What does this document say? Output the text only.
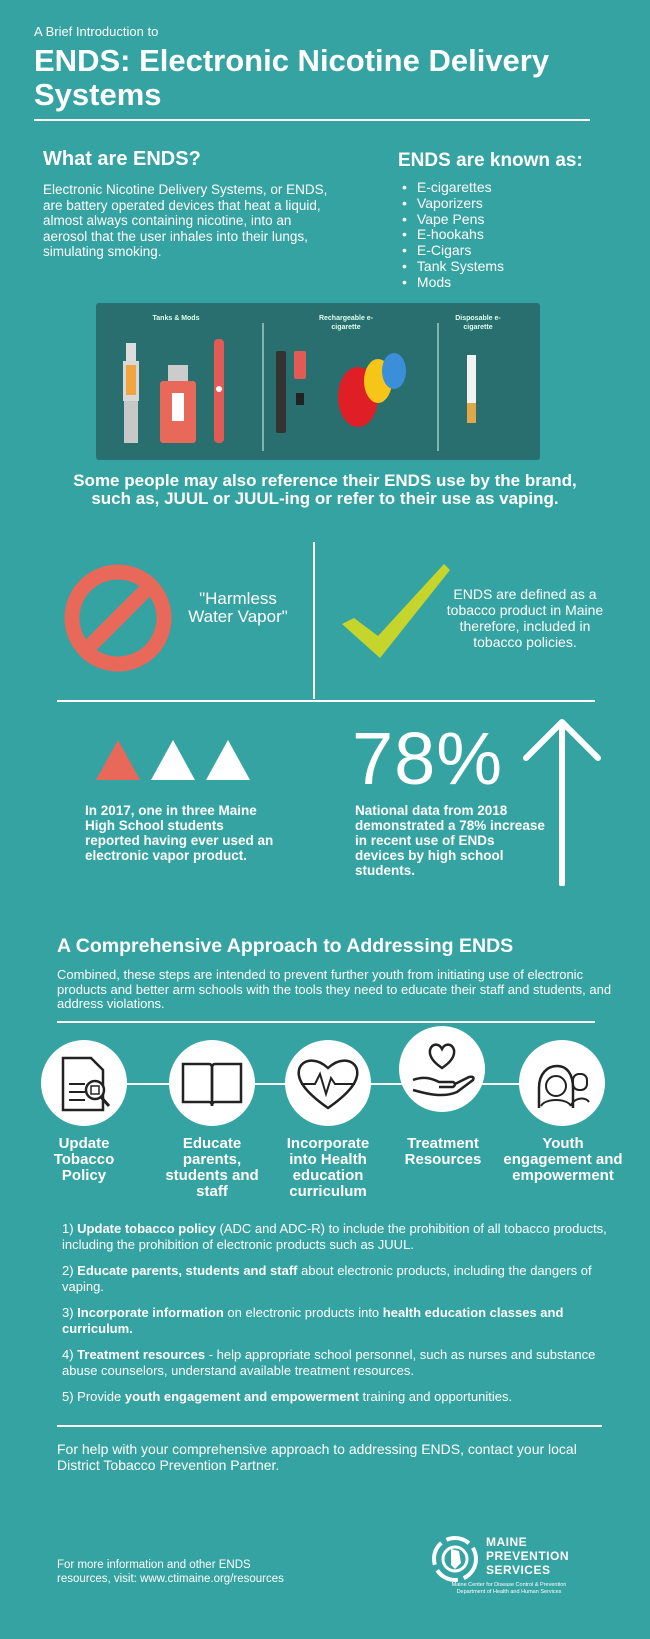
A Brief Introduction to
ENDS: Electronic Nicotine Delivery Systems
What are ENDS?
Electronic Nicotine Delivery Systems, or ENDS, are battery operated devices that heat a liquid, almost always containing nicotine, into an aerosol that the user inhales into their lungs, simulating smoking.
ENDS are known as:
• E-cigarettes
• Vaporizers
• Vape Pens
• E-hookahs
• E-Cigars
• Tank Systems
• Mods
Tanks & Mods	Rechargeable e-cigarette
Disposable e-cigarette
Some people may also reference their ENDS use by the brand, such as, JUUL or JUUL-ing or refer to their use as vaping.
"Harmless Water Vapor"
ENDS are defined as a tobacco product in Maine therefore, included in tobacco policies.
In 2017, one in three Maine High School students reported having ever used an electronic vapor product.
78%
National data from 2018 demonstrated a 78% increase in recent use of ENDs devices by high school students.
A Comprehensive Approach to Addressing ENDS
Combined, these steps are intended to prevent further youth from initiating use of electronic products and better arm schools with the tools they need to educate their staff and students, and address violations.
Update Tobacco Policy
Educate parents, students and staff
Incorporate into Health education curriculum
Treatment Resources
Youth engagement and empowerment

1) Update tobacco policy (ADC and ADC-R) to include the prohibition of all tobacco products, including the prohibition of electronic products such as JUUL.

2) Educate parents, students and staff about electronic products, including the dangers of vaping.

3) Incorporate information on electronic products into health education classes and curriculum.

4) Treatment resources - help appropriate school personnel, such as nurses and substance abuse counselors, understand available treatment resources.

5) Provide youth engagement and empowerment training and opportunities.

For help with your comprehensive approach to addressing ENDS, contact your local District Tobacco Prevention Partner.
For more information and other ENDS
resources, visit: www.ctimaine.org/resources
MAINE
PREVENTION
SERVICES
Maine Center for Disease Control & Prevention
Department of Health and Human Services
